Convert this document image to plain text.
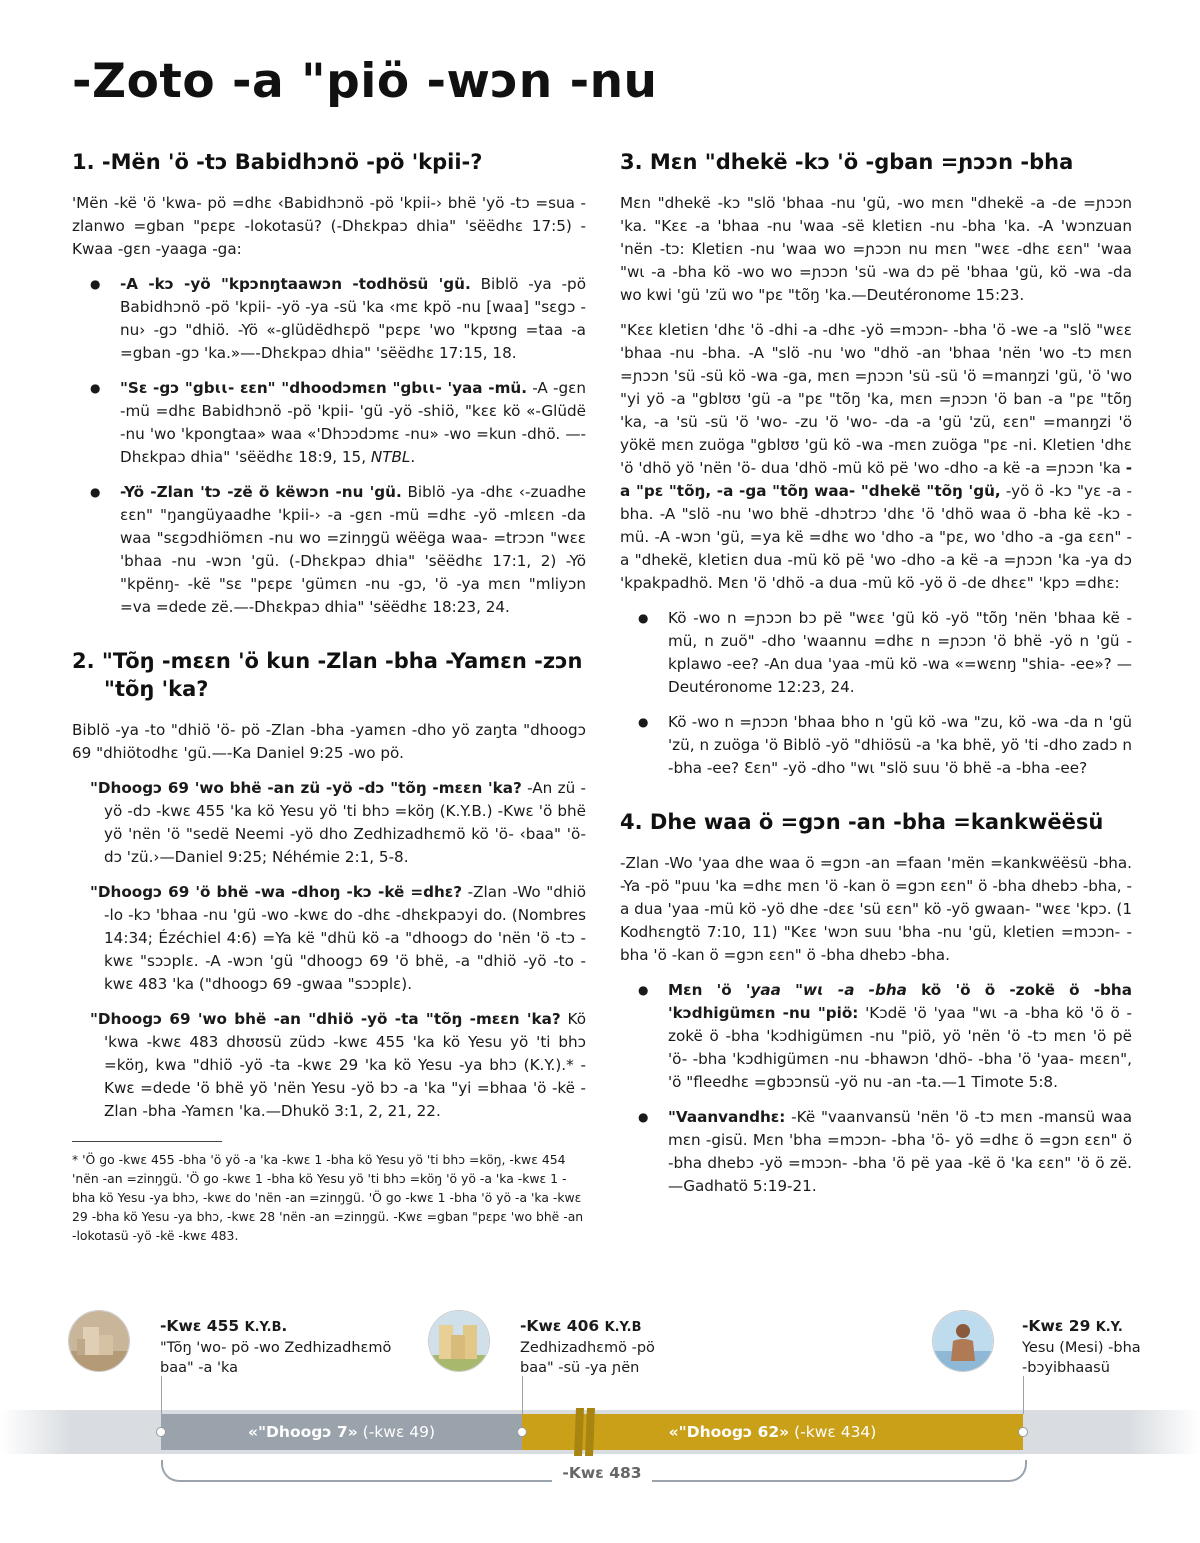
-Zoto -a "piö -wɔn -nu
1. -Mën 'ö -tɔ Babidhɔnö -pö 'kpii-?

'Mën -kë 'ö 'kwa- pö =dhɛ ‹Babidhɔnö -pö 'kpii-› bhë 'yö -tɔ =sua -zlanwo =gban "pɛpɛ -lokotasü? (-Dhɛkpaɔ dhia" 'sëëdhɛ 17:5) -Kwaa -gɛn -yaaga -ga:

● -A -kɔ -yö "kpɔnŋtaawɔn -todhösü 'gü. Biblö -ya -pö Babidhɔnö -pö 'kpii- -yö -ya -sü 'ka ‹mɛ kpö -nu [waa] "sɛgɔ -nu› -gɔ "dhiö. -Yö «-glüdëdhɛpö "pɛpɛ 'wo "kpʊng =taa -a =gban -gɔ 'ka.»—-Dhɛkpaɔ dhia" 'sëëdhɛ 17:15, 18.
● "Sɛ -gɔ "gbɩɩ- ɛɛn" "dhoodɔmɛn "gbɩɩ- 'yaa -mü. -A -gɛn -mü =dhɛ Babidhɔnö -pö 'kpii- 'gü -yö -shiö, "kɛɛ kö «-Glüdë -nu 'wo 'kpongtaa» waa «'Dhɔɔdɔmɛ -nu» -wo =kun -dhö. —-Dhɛkpaɔ dhia" 'sëëdhɛ 18:9, 15, NTBL.
● -Yö -Zlan 'tɔ -zë ö këwɔn -nu 'gü. Biblö -ya -dhɛ ‹-zuadhe ɛɛn" "ŋangüyaadhe 'kpii-› -a -gɛn -mü =dhɛ -yö -mlɛɛn -da waa "sɛgɔdhiömɛn -nu wo =zinŋgü wëëga waa- =trɔɔn "wɛɛ 'bhaa -nu -wɔn 'gü. (-Dhɛkpaɔ dhia" 'sëëdhɛ 17:1, 2) -Yö "kpënŋ- -kë "sɛ "pɛpɛ 'gümɛn -nu -gɔ, 'ö -ya mɛn "mliyɔn =va =dede zë.—-Dhɛkpaɔ dhia" 'sëëdhɛ 18:23, 24.
2. "Tõŋ -mɛɛn 'ö kun -Zlan -bha -Yamɛn -zɔn "tõŋ 'ka?

Biblö -ya -to "dhiö 'ö- pö -Zlan -bha -yamɛn -dho yö zaŋta "dhoogɔ 69 "dhiötodhɛ 'gü.—-Ka Daniel 9:25 -wo pö.

"Dhoogɔ 69 'wo bhë -an zü -yö -dɔ "tõŋ -mɛɛn 'ka? -An zü -yö -dɔ -kwɛ 455 'ka kö Yesu yö 'ti bhɔ =köŋ (K.Y.B.) -Kwɛ 'ö bhë yö 'nën 'ö "sedë Neemi -yö dho Zedhizadhɛmö kö 'ö- ‹baa" 'ö-dɔ 'zü.›—Daniel 9:25; Néhémie 2:1, 5-8.

"Dhoogɔ 69 'ö bhë -wa -dhoŋ -kɔ -kë =dhɛ? -Zlan -Wo "dhiö -lo -kɔ 'bhaa -nu 'gü -wo -kwɛ do -dhɛ -dhɛkpaɔyi do. (Nombres 14:34; Ézéchiel 4:6) =Ya kë "dhü kö -a "dhoogɔ do 'nën 'ö -tɔ -kwɛ "sɔɔplɛ. -A -wɔn 'gü "dhoogɔ 69 'ö bhë, -a "dhiö -yö -to -kwɛ 483 'ka ("dhoogɔ 69 -gwaa "sɔɔplɛ).

"Dhoogɔ 69 'wo bhë -an "dhiö -yö -ta "tõŋ -mɛɛn 'ka? Kö 'kwa -kwɛ 483 dhʊʊsü züdɔ -kwɛ 455 'ka kö Yesu yö 'ti bhɔ =köŋ, kwa "dhiö -yö -ta -kwɛ 29 'ka kö Yesu -ya bhɔ (K.Y.).* -Kwɛ =dede 'ö bhë yö 'nën Yesu -yö bɔ -a 'ka "yi =bhaa 'ö -kë -Zlan -bha -Yamɛn 'ka.—Dhukö 3:1, 2, 21, 22.

* 'Ö go -kwɛ 455 -bha 'ö yö -a 'ka -kwɛ 1 -bha kö Yesu yö 'ti bhɔ =köŋ, -kwɛ 454 'nën -an =zinŋgü. 'Ö go -kwɛ 1 -bha kö Yesu yö 'ti bhɔ =köŋ 'ö yö -a 'ka -kwɛ 1 -bha kö Yesu -ya bhɔ, -kwɛ do 'nën -an =zinŋgü. 'Ö go -kwɛ 1 -bha 'ö yö -a 'ka -kwɛ 29 -bha kö Yesu -ya bhɔ, -kwɛ 28 'nën -an =zinŋgü. -Kwɛ =gban "pɛpɛ 'wo bhë -an -lokotasü -yö -kë -kwɛ 483.

3. Mɛn "dhekë -kɔ 'ö -gban =ɲɔɔn -bha

Mɛn "dhekë -kɔ "slö 'bhaa -nu 'gü, -wo mɛn "dhekë -a -de =ɲɔɔn 'ka. "Kɛɛ -a 'bhaa -nu 'waa -së kletiɛn -nu -bha 'ka. -A 'wɔnzuan 'nën -tɔ: Kletiɛn -nu 'waa wo =ɲɔɔn nu mɛn "wɛɛ -dhɛ ɛɛn" 'waa "wɩ -a -bha kö -wo wo =ɲɔɔn 'sü -wa dɔ pë 'bhaa 'gü, kö -wa -da wo kwi 'gü 'zü wo "pɛ "tõŋ 'ka.—Deutéronome 15:23.

"Kɛɛ kletiɛn 'dhɛ 'ö -dhi -a -dhɛ -yö =mɔɔn- -bha 'ö -we -a "slö "wɛɛ 'bhaa -nu -bha. -A "slö -nu 'wo "dhö -an 'bhaa 'nën 'wo -tɔ mɛn =ɲɔɔn 'sü -sü kö -wa -ga, mɛn =ɲɔɔn 'sü -sü 'ö =manŋzi 'gü, 'ö 'wo "yi yö -a "gblʊʊ 'gü -a "pɛ "tõŋ 'ka, mɛn =ɲɔɔn 'ö ban -a "pɛ "tõŋ 'ka, -a 'sü -sü 'ö 'wo- -zu 'ö 'wo- -da -a 'gü 'zü, ɛɛn" =manŋzi 'ö yökë mɛn zuöga "gblʊʊ 'gü kö -wa -mɛn zuöga "pɛ -ni. Kletien 'dhɛ 'ö 'dhö yö 'nën 'ö- dua 'dhö -mü kö pë 'wo -dho -a kë -a =ɲɔɔn 'ka -a "pɛ "tõŋ, -a -ga "tõŋ waa- "dhekë "tõŋ 'gü, -yö ö -kɔ "yɛ -a -bha. -A "slö -nu 'wo bhë -dhɔtrɔɔ 'dhɛ 'ö 'dhö waa ö -bha kë -kɔ -mü. -A -wɔn 'gü, =ya kë =dhɛ wo 'dho -a "pɛ, wo 'dho -a -ga ɛɛn" -a "dhekë, kletiɛn dua -mü kö pë 'wo -dho -a kë -a =ɲɔɔn 'ka -ya dɔ 'kpakpadhö. Mɛn 'ö 'dhö -a dua -mü kö -yö ö -de dhɛɛ" 'kpɔ =dhɛ:

● Kö -wo n =ɲɔɔn bɔ pë "wɛɛ 'gü kö -yö "tõŋ 'nën 'bhaa kë -mü, n zuö" -dho 'waannu =dhɛ n =ɲɔɔn 'ö bhë -yö n 'gü -kplawo -ee? -An dua 'yaa -mü kö -wa «=wɛnŋ "shia- -ee»? —Deutéronome 12:23, 24.
● Kö -wo n =ɲɔɔn 'bhaa bho n 'gü kö -wa "zu, kö -wa -da n 'gü 'zü, n zuöga 'ö Biblö -yö "dhiösü -a 'ka bhë, yö 'ti -dho zadɔ n -bha -ee? Ɛɛn" -yö -dho "wɩ "slö suu 'ö bhë -a -bha -ee?
4. Dhe waa ö =gɔn -an -bha =kankwëësü

-Zlan -Wo 'yaa dhe waa ö =gɔn -an =faan 'mën =kankwëësü -bha. -Ya -pö "puu 'ka =dhɛ mɛn 'ö -kan ö =gɔn ɛɛn" ö -bha dhebɔ -bha, -a dua 'yaa -mü kö -yö dhe -dɛɛ 'sü ɛɛn" kö -yö gwaan- "wɛɛ 'kpɔ. (1 Kodhɛngtö 7:10, 11) "Kɛɛ 'wɔn suu 'bha -nu 'gü, kletien =mɔɔn- -bha 'ö -kan ö =gɔn ɛɛn" ö -bha dhebɔ -bha.

● Mɛn 'ö 'yaa "wɩ -a -bha kö 'ö ö -zokë ö -bha 'kɔdhigümɛn -nu "piö: 'Kɔdë 'ö 'yaa "wɩ -a -bha kö 'ö ö -zokë ö -bha 'kɔdhigümɛn -nu "piö, yö 'nën 'ö -tɔ mɛn 'ö pë 'ö- -bha 'kɔdhigümɛn -nu -bhawɔn 'dhö- -bha 'ö 'yaa- mɛɛn", 'ö "fleedhɛ =gbɔɔnsü -yö nu -an -ta.—1 Timote 5:8.
● "Vaanvandhɛ: -Kë "vaanvansü 'nën 'ö -tɔ mɛn -mansü waa mɛn -gisü. Mɛn 'bha =mɔɔn- -bha 'ö- yö =dhɛ ö =gɔn ɛɛn" ö -bha dhebɔ -yö =mɔɔn- -bha 'ö pë yaa -kë ö 'ka ɛɛn" 'ö ö zë. —Gadhatö 5:19-21.
-Kwɛ 455 K.Y.B.
"Tõŋ 'wo- pö -wo Zedhizadhɛmö
baa" -a 'ka
-Kwɛ 406 K.Y.B
Zedhizadhɛmö -pö
baa" -sü -ya ɲën
-Kwɛ 29 K.Y.
Yesu (Mesi) -bha
-bɔyibhaasü
«"Dhoogɔ 7» (-kwɛ 49)	«"Dhoogɔ 62» (-kwɛ 434)
-Kwɛ 483
